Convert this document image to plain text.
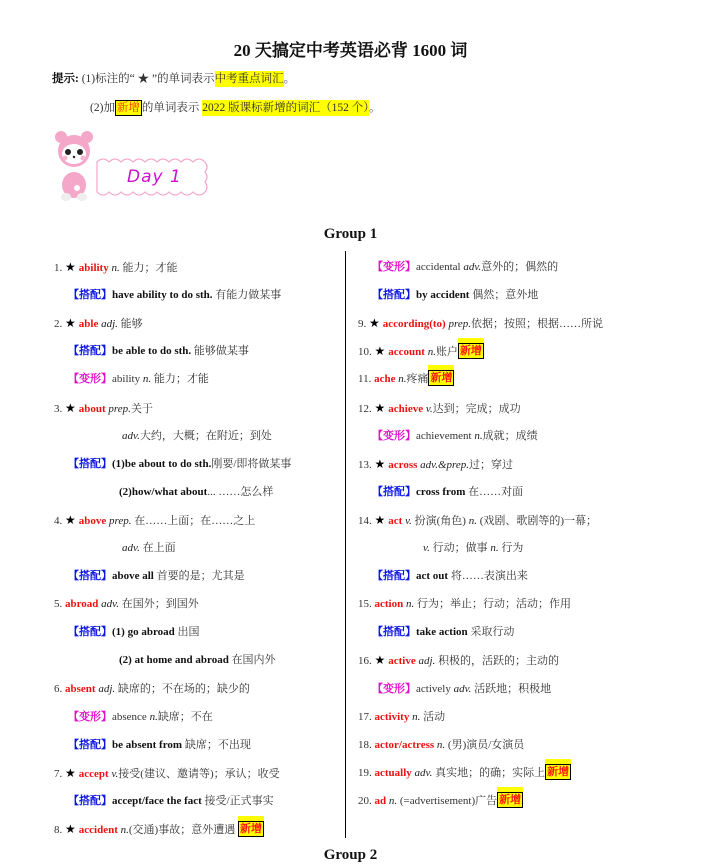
20 天搞定中考英语必背 1600 词
提示: (1)标注的“ ★ ”的单词表示中考重点词汇。
(2)加 新增 的单词表示 2022 版课标新增的词汇（152 个）。
Day 1
Group 1
1. ★ ability n. 能力；才能
【搭配】have ability to do sth. 有能力做某事
2. ★ able adj. 能够
【搭配】be able to do sth. 能够做某事
【变形】ability n. 能力；才能
3. ★ about prep.关于
adv.大约，大概；在附近；到处
【搭配】(1)be about to do sth.刚要/即将做某事
(2)how/what about... ……怎么样
4. ★ above prep. 在……上面；在……之上
adv. 在上面
【搭配】above all 首要的是；尤其是
5. abroad adv. 在国外；到国外
【搭配】(1) go abroad 出国
(2) at home and abroad 在国内外
6. absent adj. 缺席的；不在场的；缺少的
【变形】absence n.缺席；不在
【搭配】be absent from 缺席；不出现
7. ★ accept v.接受(建议、邀请等)；承认；收受
【搭配】accept/face the fact 接受/正式事实
8. ★ accident n.(交通)事故；意外遭遇 新增
【变形】accidental adv.意外的；偶然的
【搭配】by accident 偶然；意外地
9. ★ according(to) prep.依据；按照；根据……所说
10. ★ account n.账户 新增
11. ache n.疼痛 新增
12. ★ achieve v.达到；完成；成功
【变形】achievement n.成就；成绩
13. ★ across adv.&prep.过；穿过
【搭配】cross from 在……对面
14. ★ act v. 扮演(角色) n. (戏剧、歌剧等的)一幕；
v. 行动；做事 n. 行为
【搭配】act out 将……表演出来
15. action n. 行为；举止；行动；活动；作用
【搭配】take action 采取行动
16. ★ active adj. 积极的，活跃的；主动的
【变形】actively adv. 活跃地；积极地
17. activity n. 活动
18. actor/actress n. (男)演员/女演员
19. actually adv. 真实地；的确；实际上 新增
20. ad n. (=advertisement)广告 新增
Group 2
